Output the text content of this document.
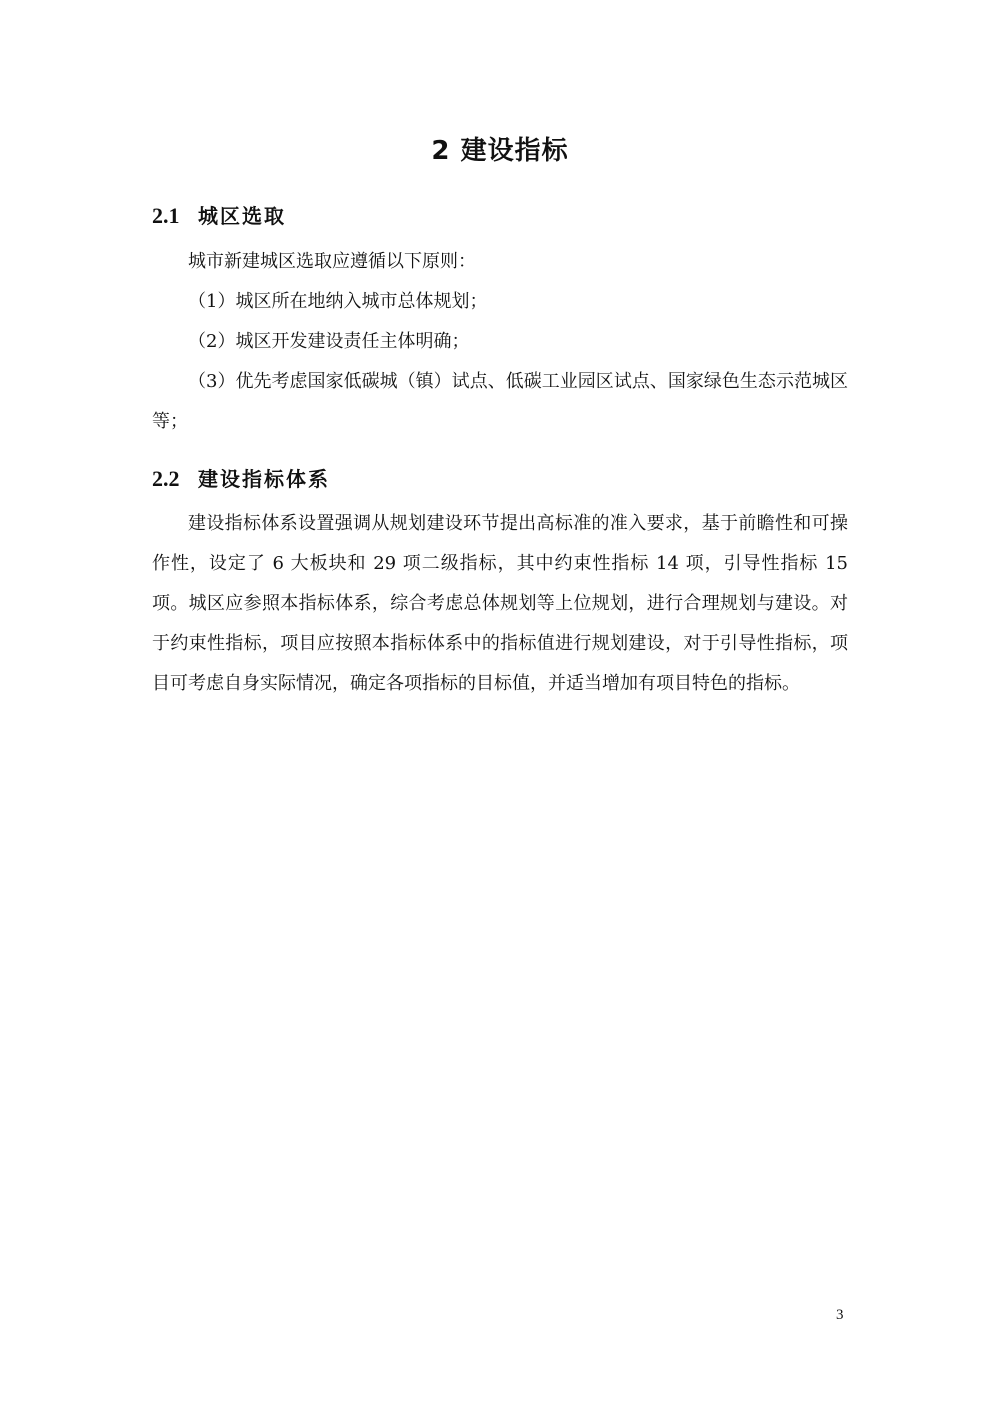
2 建设指标
2.1 城区选取

城市新建城区选取应遵循以下原则：

（1）城区所在地纳入城市总体规划；

（2）城区开发建设责任主体明确；

（3）优先考虑国家低碳城（镇）试点、低碳工业园区试点、国家绿色生态示范城区等；

2.2 建设指标体系

建设指标体系设置强调从规划建设环节提出高标准的准入要求，基于前瞻性和可操作性，设定了 6 大板块和 29 项二级指标，其中约束性指标 14 项，引导性指标 15 项。城区应参照本指标体系，综合考虑总体规划等上位规划，进行合理规划与建设。对于约束性指标，项目应按照本指标体系中的指标值进行规划建设，对于引导性指标，项目可考虑自身实际情况，确定各项指标的目标值，并适当增加有项目特色的指标。

3
